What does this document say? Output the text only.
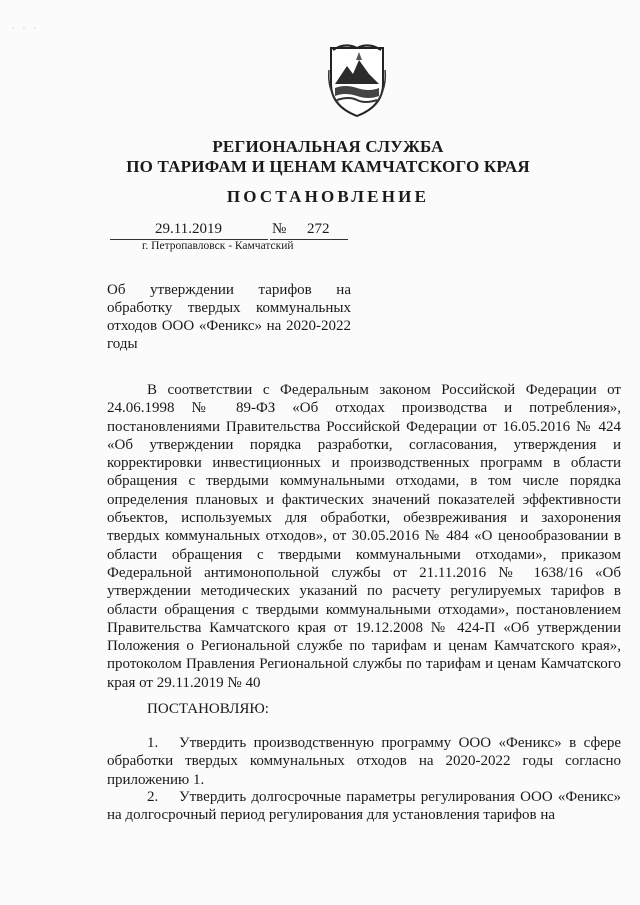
· · ·
РЕГИОНАЛЬНАЯ СЛУЖБА
ПО ТАРИФАМ И ЦЕНАМ КАМЧАТСКОГО КРАЯ
ПОСТАНОВЛЕНИЕ
29.11.2019	№ 272
г. Петропавловск - Камчатский
Об утверждении тарифов на обработку твердых коммунальных отходов ООО «Феникс» на 2020-2022 годы
В соответствии с Федеральным законом Российской Федерации от 24.06.1998 № 89-ФЗ «Об отходах производства и потребления», постановлениями Правительства Российской Федерации от 16.05.2016 № 424 «Об утверждении порядка разработки, согласования, утверждения и корректировки инвестиционных и производственных программ в области обращения с твердыми коммунальными отходами, в том числе порядка определения плановых и фактических значений показателей эффективности объектов, используемых для обработки, обезвреживания и захоронения твердых коммунальных отходов», от 30.05.2016 № 484 «О ценообразовании в области обращения с твердыми коммунальными отходами», приказом Федеральной антимонопольной службы от 21.11.2016 № 1638/16 «Об утверждении методических указаний по расчету регулируемых тарифов в области обращения с твердыми коммунальными отходами», постановлением Правительства Камчатского края от 19.12.2008 № 424-П «Об утверждении Положения о Региональной службе по тарифам и ценам Камчатского края», протоколом Правления Региональной службы по тарифам и ценам Камчатского края от 29.11.2019 № 40
ПОСТАНОВЛЯЮ:
1. Утвердить производственную программу ООО «Феникс» в сфере обработки твердых коммунальных отходов на 2020-2022 годы согласно приложению 1.
2. Утвердить долгосрочные параметры регулирования ООО «Феникс» на долгосрочный период регулирования для установления тарифов на
